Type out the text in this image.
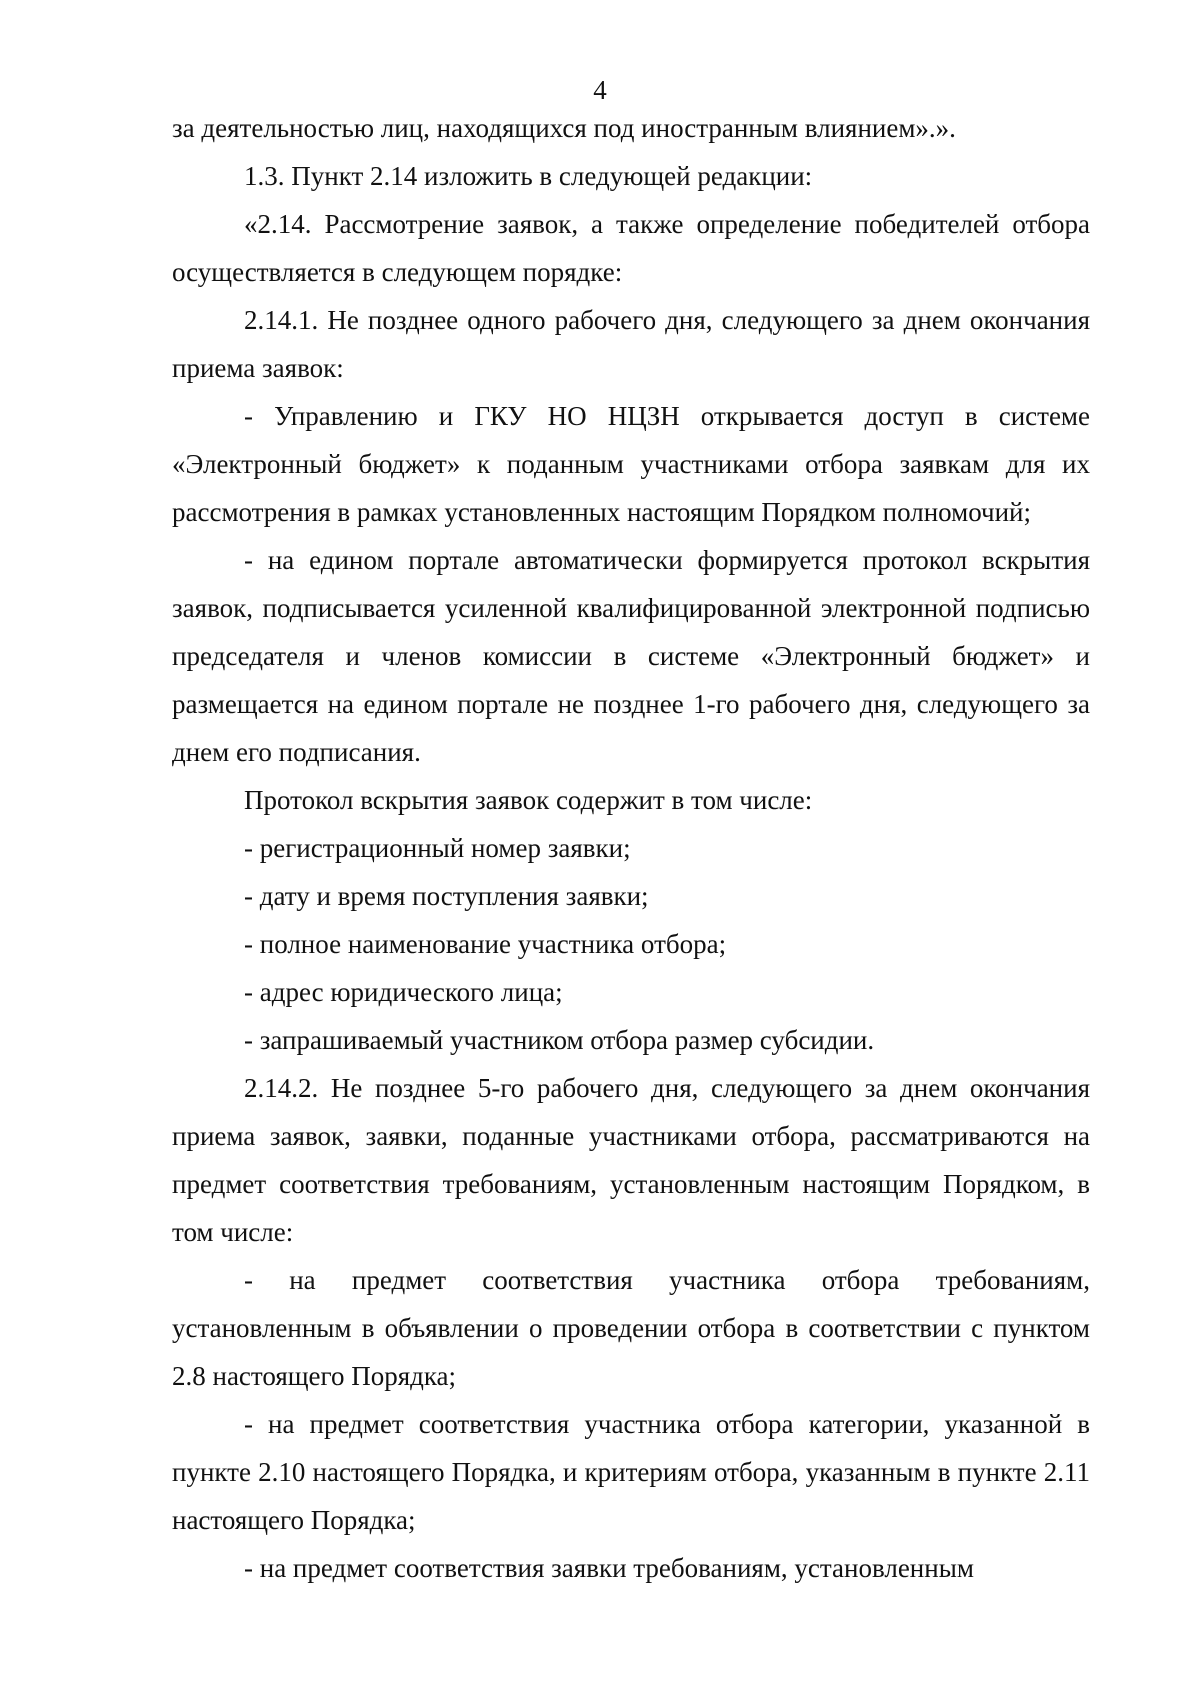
4

за деятельностью лиц, находящихся под иностранным влиянием».».

1.3. Пункт 2.14 изложить в следующей редакции:

«2.14. Рассмотрение заявок, а также определение победителей отбора осуществляется в следующем порядке:

2.14.1. Не позднее одного рабочего дня, следующего за днем окончания приема заявок:

- Управлению и ГКУ НО НЦЗН открывается доступ в системе «Электронный бюджет» к поданным участниками отбора заявкам для их рассмотрения в рамках установленных настоящим Порядком полномочий;

- на едином портале автоматически формируется протокол вскрытия заявок, подписывается усиленной квалифицированной электронной подписью председателя и членов комиссии в системе «Электронный бюджет» и размещается на едином портале не позднее 1-го рабочего дня, следующего за днем его подписания.

Протокол вскрытия заявок содержит в том числе:

- регистрационный номер заявки;

- дату и время поступления заявки;

- полное наименование участника отбора;

- адрес юридического лица;

- запрашиваемый участником отбора размер субсидии.

2.14.2. Не позднее 5-го рабочего дня, следующего за днем окончания приема заявок, заявки, поданные участниками отбора, рассматриваются на предмет соответствия требованиям, установленным настоящим Порядком, в том числе:

- на предмет соответствия участника отбора требованиям, установленным в объявлении о проведении отбора в соответствии с пунктом 2.8 настоящего Порядка;

- на предмет соответствия участника отбора категории, указанной в пункте 2.10 настоящего Порядка, и критериям отбора, указанным в пункте 2.11 настоящего Порядка;

- на предмет соответствия заявки требованиям, установленным
